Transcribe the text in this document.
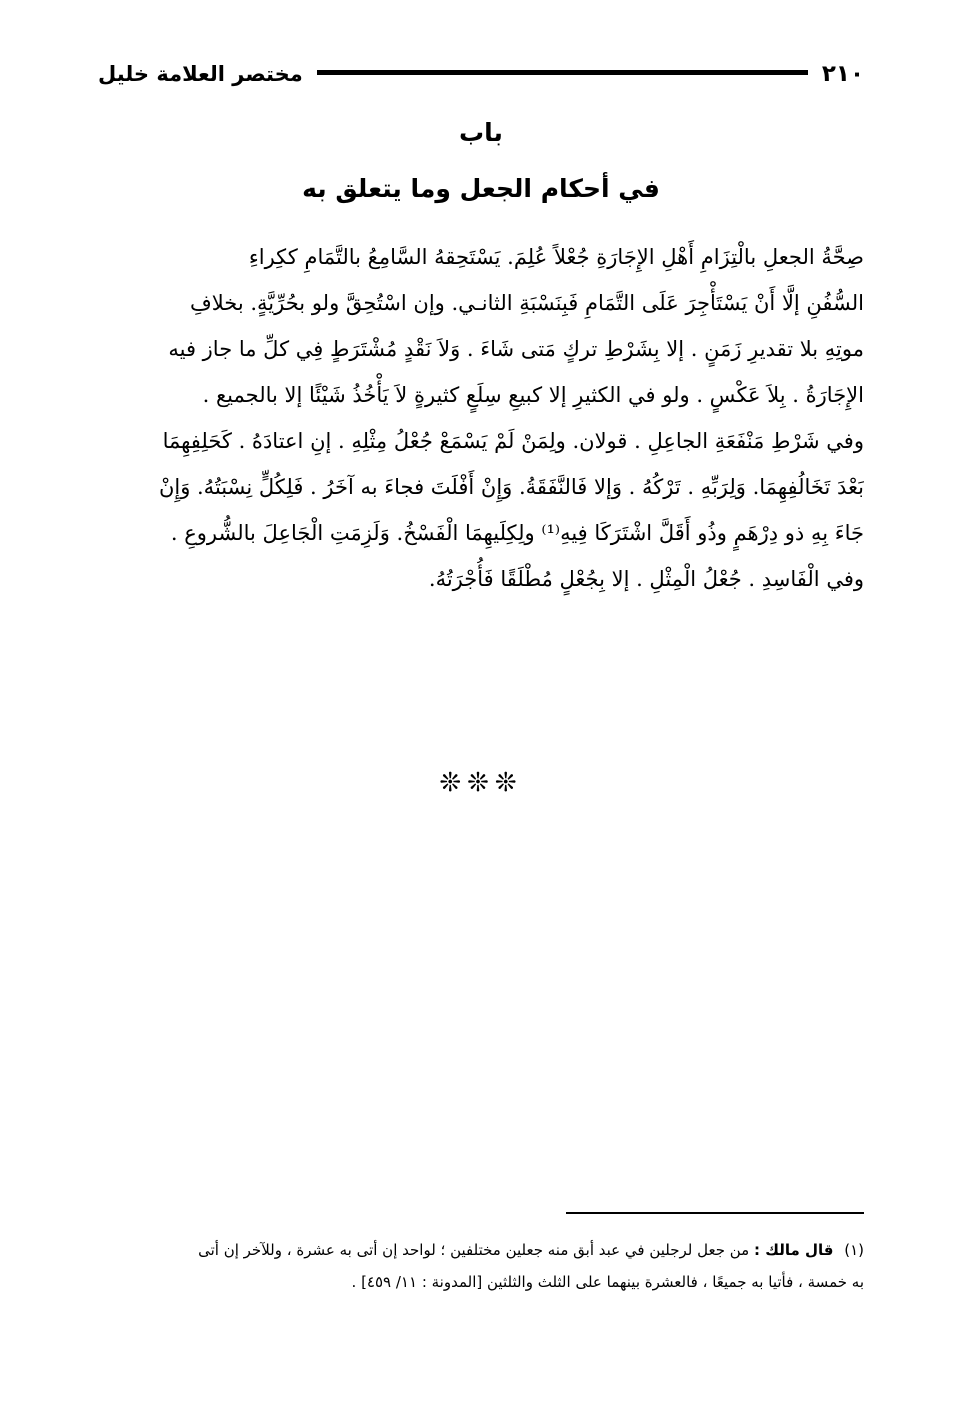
٢١٠
مختصر العلامة خليل
باب
في أحكام الجعل وما يتعلق به
صِحَّةُ الجعلِ بالْتِزَامِ أَهْلِ الإِجَارَةِ جُعْلاً عُلِمَ. يَسْتَحِقهُ السَّامِعُ بالتَّمَامِ ككِراءِ
السُّفُنِ إلَّا أَنْ يَسْتَأْجِرَ عَلَى التَّمَامِ فَبِنَسْبَةِ الثانـي. وإن اسْتُحِقَّ ولو بحُرِّيَّةٍ. بخلافِ
موتِهِ بلا تقديرِ زَمَنٍ . إلا بِشَرْطِ تركٍ مَتى شَاءَ . وَلاَ نَقْدٍ مُشْتَرَطٍ فِي كلِّ ما جاز فيه
الإِجَارَةُ . بِلاَ عَكْسٍ . ولو في الكثيرِ إلا كبيعِ سِلَعٍ كثيرةٍ لاَ يَأْخُذُ شَيْئًا إلا بالجميع .
وفي شَرْطِ مَنْفَعَةِ الجاعِلِ . قولان. ولِمَنْ لَمْ يَسْمَعْ جُعْلُ مِثْلِهِ . إنِ اعتادَهُ . كَحَلِفِهِمَا
بَعْدَ تَخَالُفِهِمَا. وَلِرَبِّهِ . تَرْكُهُ . وَإلا فَالنَّفَقَةُ. وَإِنْ أَفْلَتَ فجاءَ به آخَرُ . فَلِكُلٍّ نِسْبَتُهُ. وَإِنْ
جَاءَ بِهِ ذو دِرْهَمٍ وذُو أَقَلَّ اشْتَرَكَا فِيهِ⁽¹⁾ ولِكِلَيهِمَا الْفَسْخُ. وَلَزِمَتِ الْجَاعِلَ بالشُّروعِ .
وفي الْفَاسِدِ . جُعْلُ الْمِثْلِ . إلا بِجُعْلٍ مُطْلَقًا فَأُجْرَتُهُ.
❊❊❊
(١) قال مالك : من جعل لرجلين في عبد أبق منه جعلين مختلفين ؛ لواحد إن أتى به عشرة ، وللآخر إن أتى
به خمسة ، فأتيا به جميعًا ، فالعشرة بينهما على الثلث والثلثين [المدونة : ١١/ ٤٥٩] .
